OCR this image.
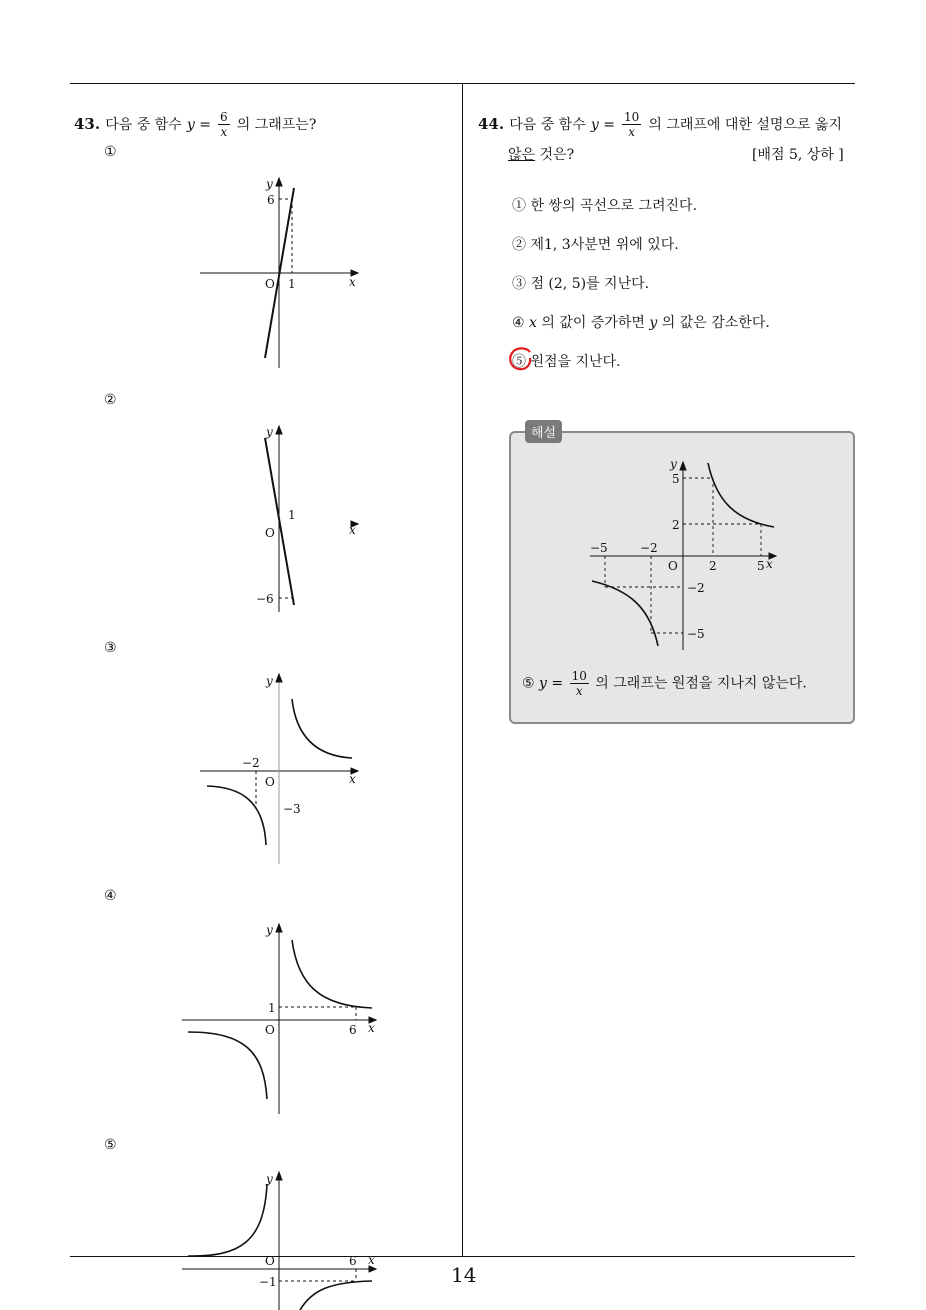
43. 다음 중 함수 $y = \frac{6}{x}$ 의 그래프는?
①
②
③
④
⑤
y
x
O
6
1
y
x
O
−6
1
y
x
O
−2
−3
y
x
O
1
6
y
x
O
−1
6
44. 다음 중 함수 $y = \frac{10}{x}$ 의 그래프에 대한 설명으로 옳지
않은 것은?	[배점 5, 상하 ]
① 한 쌍의 곡선으로 그려진다.
② 제1, 3사분면 위에 있다.
③ 점 (2, 5)를 지난다.
④ x 의 값이 증가하면 y 의 값은 감소한다.
⑤ 원점을 지난다.
해설
y
x
O
−5	−2
2	5
5
2
−2
−5
⑤ $y = \frac{10}{x}$ 의 그래프는 원점을 지나지 않는다.
14
